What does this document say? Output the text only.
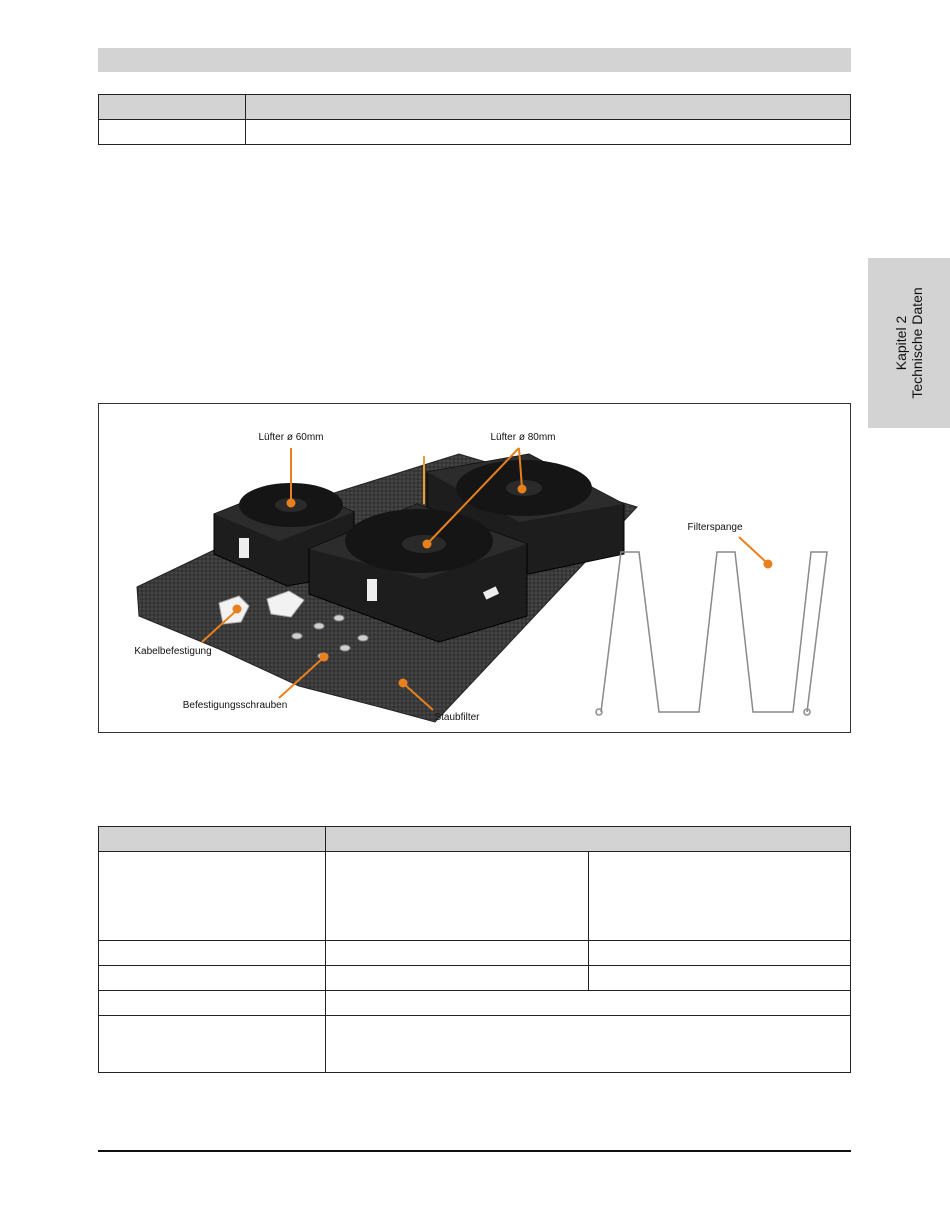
Kapitel 2 Technische Daten
Lüfter ø 60mm	Lüfter ø 80mm
Filterspange
Kabelbefestigung
Befestigungsschrauben
Staubfilter
